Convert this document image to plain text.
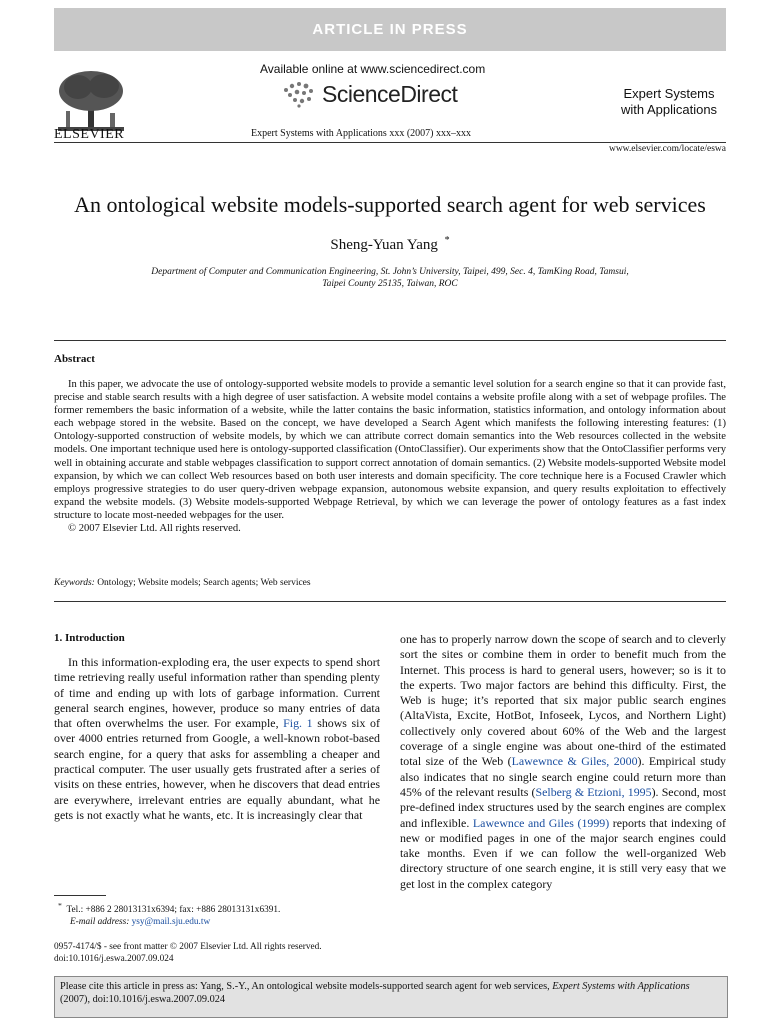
ARTICLE IN PRESS
ELSEVIER
Available online at www.sciencedirect.com
ScienceDirect
Expert Systems with Applications xxx (2007) xxx–xxx
Expert Systems
with Applications
www.elsevier.com/locate/eswa
An ontological website models-supported search agent for web services
Sheng-Yuan Yang *
Department of Computer and Communication Engineering, St. John’s University, Taipei, 499, Sec. 4, TamKing Road, Tamsui,
Taipei County 25135, Taiwan, ROC
Abstract
In this paper, we advocate the use of ontology-supported website models to provide a semantic level solution for a search engine so that it can provide fast, precise and stable search results with a high degree of user satisfaction. A website model contains a website profile along with a set of webpage profiles. The former remembers the basic information of a website, while the latter contains the basic information, statistics information, and ontology information about each webpage stored in the website. Based on the concept, we have developed a Search Agent which manifests the following interesting features: (1) Ontology-supported construction of website models, by which we can attribute correct domain semantics into the Web resources collected in the website models. One important technique used here is ontology-supported classification (OntoClassifier). Our experiments show that the OntoClassifier performs very well in obtaining accurate and stable webpages classification to support correct annotation of domain semantics. (2) Website models-supported Website model expansion, by which we can collect Web resources based on both user interests and domain specificity. The core technique here is a Focused Crawler which employs progressive strategies to do user query-driven webpage expansion, autonomous website expansion, and query results exploitation to effectively expand the website models. (3) Website models-supported Webpage Retrieval, by which we can leverage the power of ontology features as a fast index structure to locate most-needed webpages for the user.
© 2007 Elsevier Ltd. All rights reserved.
Keywords: Ontology; Website models; Search agents; Web services
1. Introduction
In this information-exploding era, the user expects to spend short time retrieving really useful information rather than spending plenty of time and ending up with lots of garbage information. Current general search engines, however, produce so many entries of data that often overwhelms the user. For example, Fig. 1 shows six of over 4000 entries returned from Google, a well-known robot-based search engine, for a query that asks for assembling a cheaper and practical computer. The user usually gets frustrated after a series of visits on these entries, however, when he discovers that dead entries are everywhere, irrelevant entries are equally abundant, what he gets is not exactly what he wants, etc. It is increasingly clear that
one has to properly narrow down the scope of search and to cleverly sort the sites or combine them in order to benefit much from the Internet. This process is hard to general users, however; so is it to the experts. Two major factors are behind this difficulty. First, the Web is huge; it’s reported that six major public search engines (AltaVista, Excite, HotBot, Infoseek, Lycos, and Northern Light) collectively only covered about 60% of the Web and the largest coverage of a single engine was about one-third of the estimated total size of the Web (Lawewnce & Giles, 2000). Empirical study also indicates that no single search engine could return more than 45% of the relevant results (Selberg & Etzioni, 1995). Second, most pre-defined index structures used by the search engines are complex and inflexible. Lawewnce and Giles (1999) reports that indexing of new or modified pages in one of the major search engines could take months. Even if we can follow the well-organized Web directory structure of one search engine, it is still very easy that we get lost in the complex category
* Tel.: +886 2 28013131x6394; fax: +886 28013131x6391.
E-mail address: ysy@mail.sju.edu.tw
0957-4174/$ - see front matter © 2007 Elsevier Ltd. All rights reserved.
doi:10.1016/j.eswa.2007.09.024
Please cite this article in press as: Yang, S.-Y., An ontological website models-supported search agent for web services, Expert Systems with Applications (2007), doi:10.1016/j.eswa.2007.09.024
